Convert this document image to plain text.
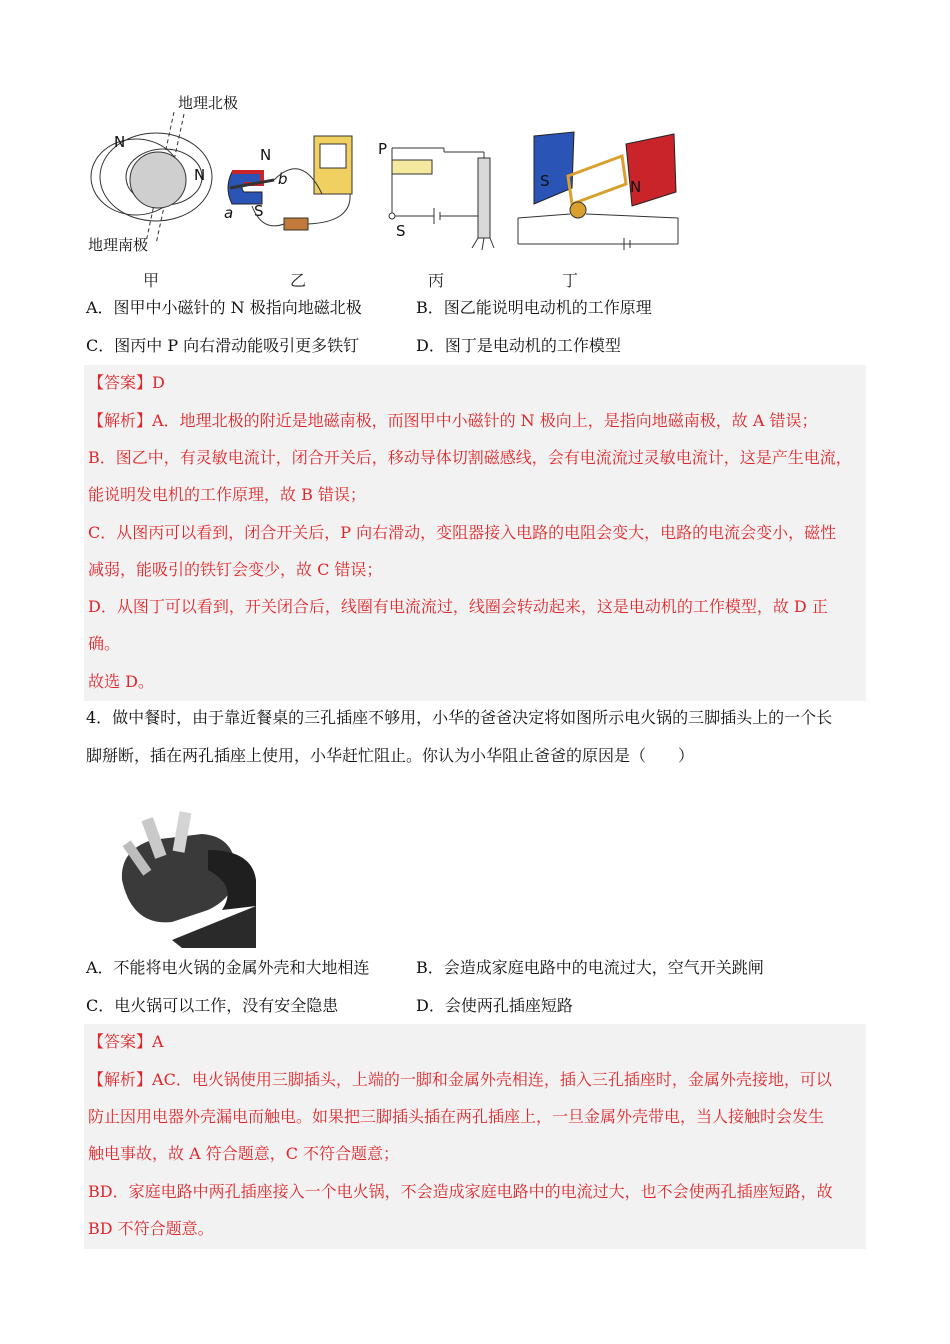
地理北极
N
N
地理南极
甲
N
S
a
b
乙
P
S
丙
S	N
丁
A．图甲中小磁针的 N 极指向地磁北极	B．图乙能说明电动机的工作原理
C．图丙中 P 向右滑动能吸引更多铁钉	D．图丁是电动机的工作模型
【答案】D
【解析】A．地理北极的附近是地磁南极，而图甲中小磁针的 N 极向上，是指向地磁南极，故 A 错误；
B．图乙中，有灵敏电流计，闭合开关后，移动导体切割磁感线，会有电流流过灵敏电流计，这是产生电流，
能说明发电机的工作原理，故 B 错误；
C．从图丙可以看到，闭合开关后，P 向右滑动，变阻器接入电路的电阻会变大，电路的电流会变小，磁性
减弱，能吸引的铁钉会变少，故 C 错误；
D．从图丁可以看到，开关闭合后，线圈有电流流过，线圈会转动起来，这是电动机的工作模型，故 D 正
确。
故选 D。
4．做中餐时，由于靠近餐桌的三孔插座不够用，小华的爸爸决定将如图所示电火锅的三脚插头上的一个长
脚掰断，插在两孔插座上使用，小华赶忙阻止。你认为小华阻止爸爸的原因是（　　）
A．不能将电火锅的金属外壳和大地相连	B．会造成家庭电路中的电流过大，空气开关跳闸
C．电火锅可以工作，没有安全隐患	D．会使两孔插座短路
【答案】A
【解析】AC．电火锅使用三脚插头，上端的一脚和金属外壳相连，插入三孔插座时，金属外壳接地，可以
防止因用电器外壳漏电而触电。如果把三脚插头插在两孔插座上，一旦金属外壳带电，当人接触时会发生
触电事故，故 A 符合题意，C 不符合题意；
BD．家庭电路中两孔插座接入一个电火锅，不会造成家庭电路中的电流过大，也不会使两孔插座短路，故
BD 不符合题意。
